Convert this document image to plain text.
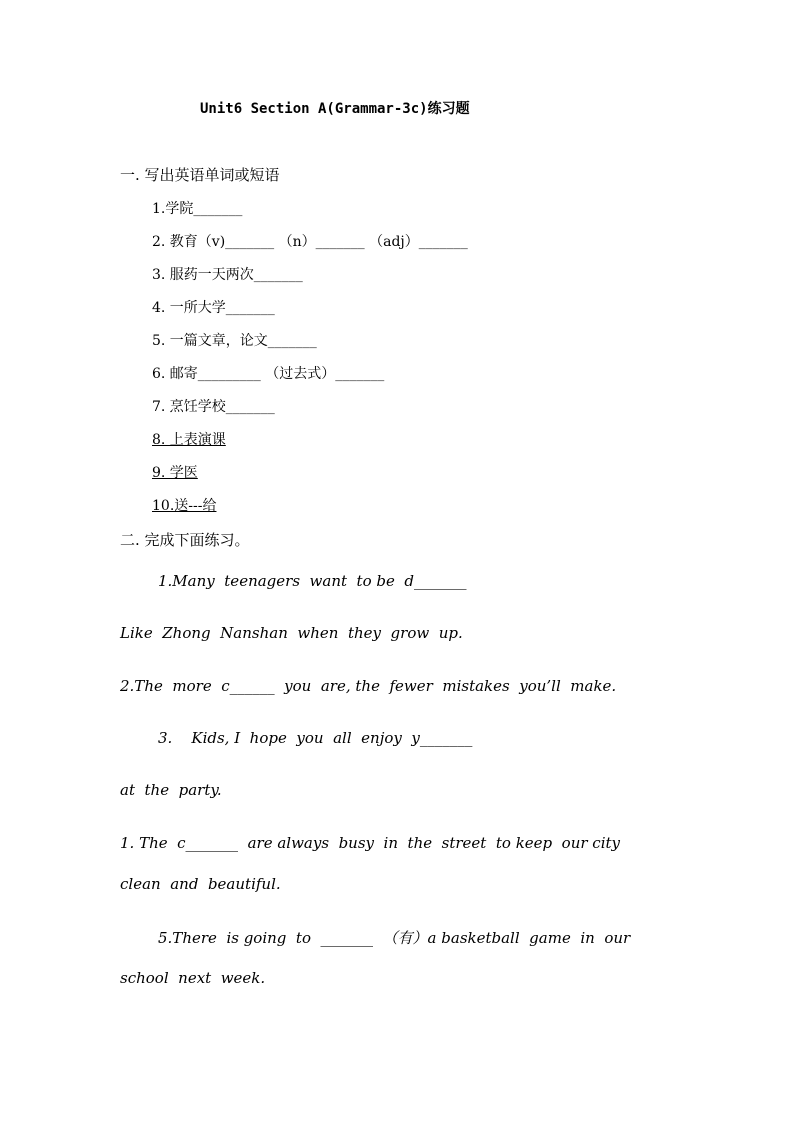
Unit6 Section A(Grammar-3c)练习题
一. 写出英语单词或短语
1.学院_______
2. 教育（v)_______ （n）_______ （adj）_______
3. 服药一天两次_______
4. 一所大学_______
5. 一篇文章，论文_______
6. 邮寄_________ （过去式）_______
7. 烹饪学校_______
8. 上表演课
9. 学医
10.送---给
二. 完成下面练习。
1.Many  teenagers  want  to be  d_______
Like  Zhong  Nanshan  when  they  grow  up.
2.The  more  c______  you  are, the  fewer  mistakes  you’ll  make.
3.    Kids, I  hope  you  all  enjoy  y_______
at  the  party.
1. The  c_______  are always  busy  in  the  street  to keep  our city
clean  and  beautiful.
5.There  is going  to  _______  （有）a basketball  game  in  our
school  next  week.
